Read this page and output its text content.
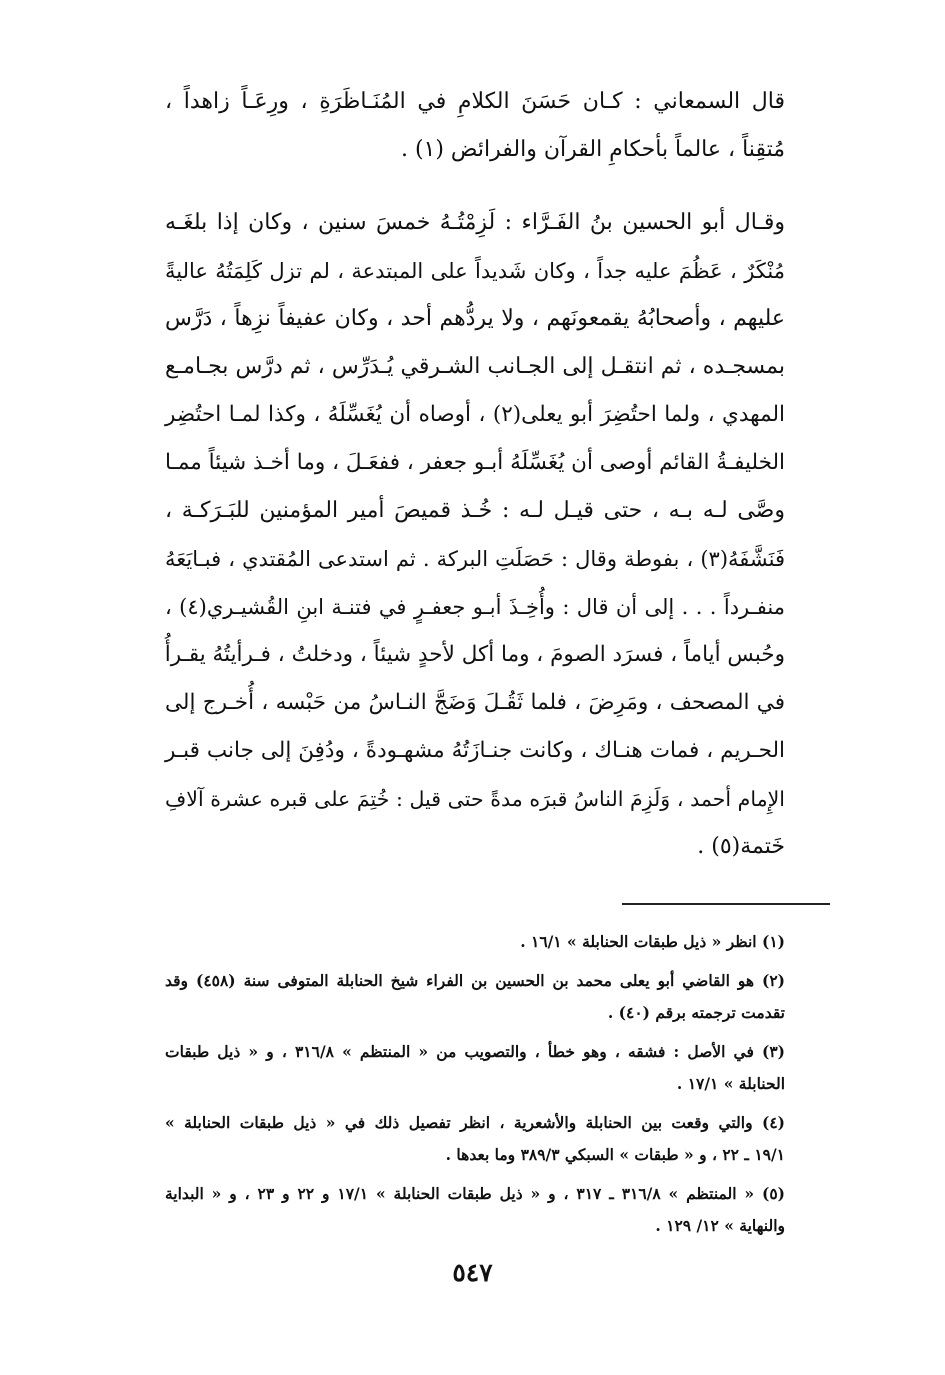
قال السمعاني : كـان حَسَنَ الكلامِ في المُنَـاظَرَةِ ، ورِعَـاً زاهداً ،
مُتقِناً ، عالماً بأحكامِ القرآن والفرائض (١) .
وقـال أبو الحسين بنُ الفَـرَّاء : لَزِمْتُـهُ خمسَ سنين ، وكان إذا بلغَـه
مُنْكَرٌ ، عَظُمَ عليه جداً ، وكان شَديداً على المبتدعة ، لم تزل كَلِمَتُهُ عاليةً
عليهم ، وأصحابُهُ يقمعونَهم ، ولا يردُّهم أحد ، وكان عفيفاً نزِهاً ، دَرَّس
بمسجـده ، ثم انتقـل إلى الجـانب الشـرقي يُـدَرِّس ، ثم درَّس بجـامـع
المهدي ، ولما احتُضِرَ أبو يعلى(٢) ، أوصاه أن يُغَسِّلَهُ ، وكذا لمـا احتُضِر
الخليفـةُ القائم أوصى أن يُغَسِّلَهُ أبـو جعفر ، ففعَـلَ ، وما أخـذ شيئاً ممـا
وصَّى لـه بـه ، حتى قيـل لـه : خُـذ قميصَ أمير المؤمنين للبَـرَكـة ،
فَنَشَّفَهُ(٣) ، بفوطة وقال : حَصَلَتِ البركة . ثم استدعى المُقتدي ، فبـايَعَهُ
منفـرداً . . . إلى أن قال : وأُخِـذَ أبـو جعفـرٍ في فتنـة ابنِ القُشيـري(٤) ،
وحُبس أياماً ، فسرَد الصومَ ، وما أكل لأحدٍ شيئاً ، ودخلتُ ، فـرأيتُهُ يقـرأُ
في المصحف ، ومَرِضَ ، فلما ثَقُـلَ وَضَجَّ النـاسُ من حَبْسه ، أُخـرج إلى
الحـريم ، فمات هنـاك ، وكانت جنـازَتُهُ مشهـودةً ، ودُفِنَ إلى جانب قبـر
الإِمام أحمد ، وَلَزِمَ الناسُ قبرَه مدةً حتى قيل : خُتِمَ على قبره عشرة آلافِ
خَتمة(٥) .
(١) انظر « ذيل طبقات الحنابلة » ١٦/١ .
(٢) هو القاضي أبو يعلى محمد بن الحسين بن الفراء شيخ الحنابلة المتوفى سنة (٤٥٨) وقد
تقدمت ترجمته برقم (٤٠) .
(٣) في الأصل : فشقه ، وهو خطأ ، والتصويب من « المنتظم » ٣١٦/٨ ، و « ذيل طبقات
الحنابلة » ١٧/١ .
(٤) والتي وقعت بين الحنابلة والأشعرية ، انظر تفصيل ذلك في « ذيل طبقات الحنابلة »
١٩/١ ـ ٢٢ ، و « طبقات » السبكي ٣٨٩/٣ وما بعدها .
(٥) « المنتظم » ٣١٦/٨ ـ ٣١٧ ، و « ذيل طبقات الحنابلة » ١٧/١ و ٢٢ و ٢٣ ، و « البداية
والنهاية » ١٢/ ١٢٩ .
٥٤٧
